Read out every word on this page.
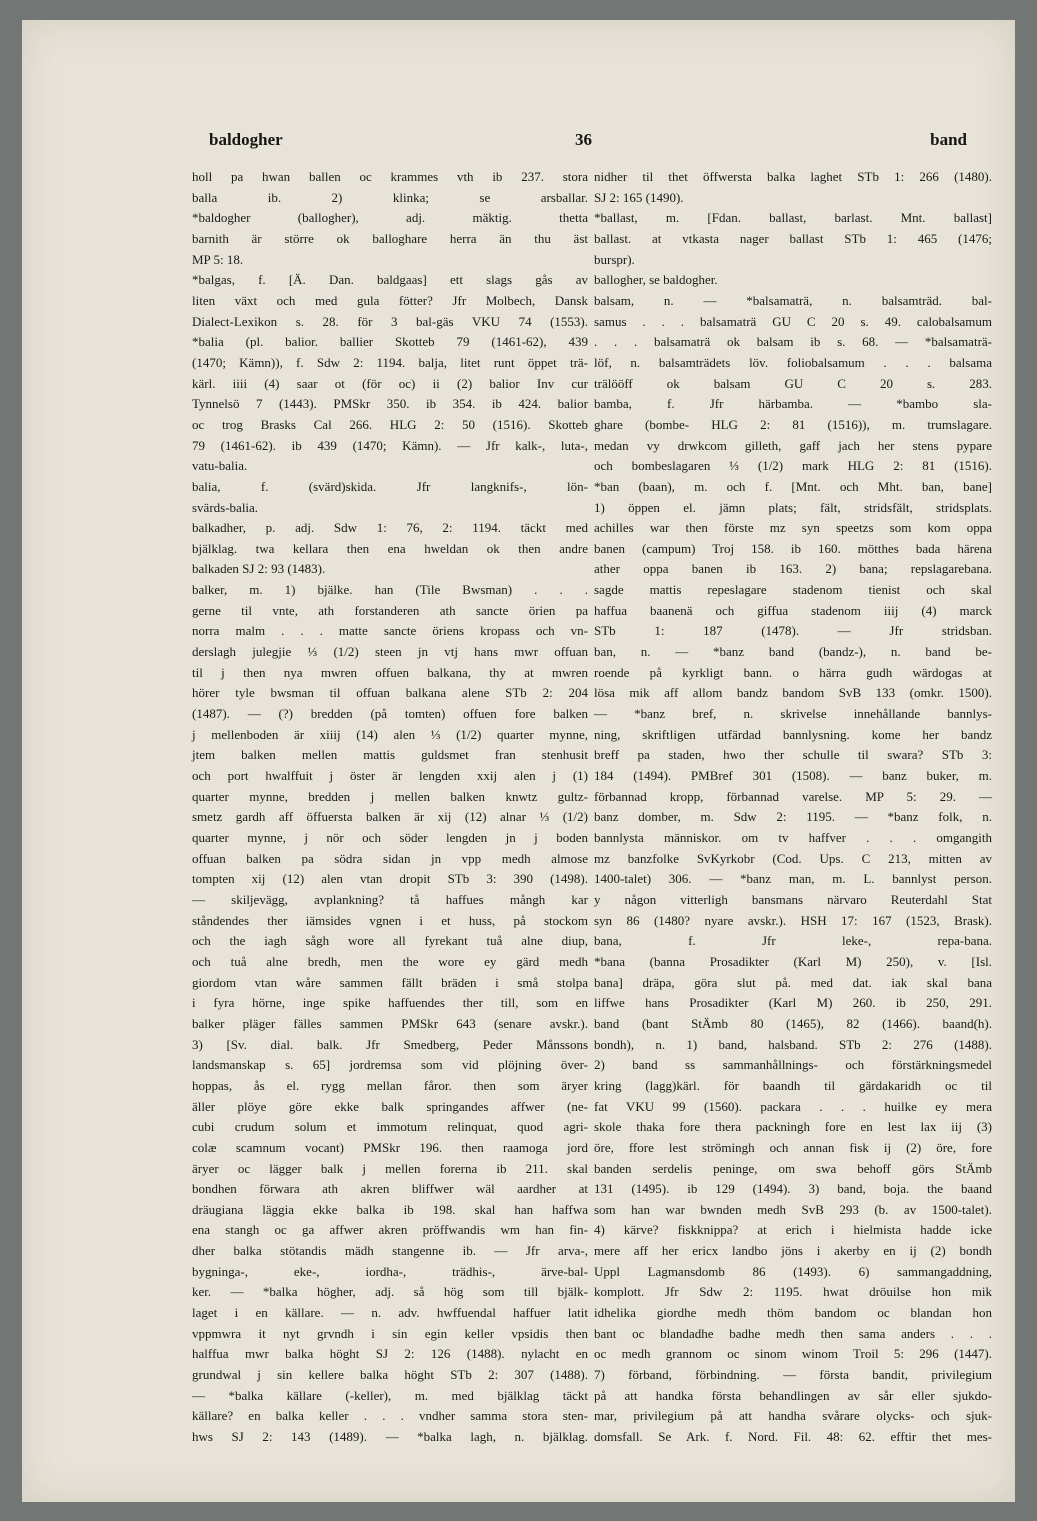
baldogher	36	band
holl pa hwan ballen oc krammes vth ib 237. stora
balla ib. 2) klinka; se arsballar.
*baldogher (ballogher), adj. mäktig. thetta
barnith är större ok balloghare herra än thu äst
MP 5: 18.
*balgas, f. [Ä. Dan. baldgaas] ett slags gås av
liten växt och med gula fötter? Jfr Molbech, Dansk
Dialect-Lexikon s. 28. för 3 bal-gäs VKU 74 (1553).
*balia (pl. balior. ballier Skotteb 79 (1461-62), 439
(1470; Kämn)), f. Sdw 2: 1194. balja, litet runt öppet trä-
kärl. iiii (4) saar ot (för oc) ii (2) balior Inv cur
Tynnelsö 7 (1443). PMSkr 350. ib 354. ib 424. balior
oc trog Brasks Cal 266. HLG 2: 50 (1516). Skotteb
79 (1461-62). ib 439 (1470; Kämn). — Jfr kalk-, luta-,
vatu-balia.
balia, f. (svärd)skida. Jfr langknifs-, lön-
svärds-balia.
balkadher, p. adj. Sdw 1: 76, 2: 1194. täckt med
bjälklag. twa kellara then ena hweldan ok then andre
balkaden SJ 2: 93 (1483).
balker, m. 1) bjälke. han (Tile Bwsman) . . .
gerne til vnte, ath forstanderen ath sancte örien pa
norra malm . . . matte sancte öriens kropass och vn-
derslagh julegjie ⅓ (1/2) steen jn vtj hans mwr offuan
til j then nya mwren offuen balkana, thy at mwren
hörer tyle bwsman til offuan balkana alene STb 2: 204
(1487). — (?) bredden (på tomten) offuen fore balken
j mellenboden är xiiij (14) alen ⅓ (1/2) quarter mynne,
jtem balken mellen mattis guldsmet fran stenhusit
och port hwalffuit j öster är lengden xxij alen j (1)
quarter mynne, bredden j mellen balken knwtz gultz-
smetz gardh aff öffuersta balken är xij (12) alnar ⅓ (1/2)
quarter mynne, j nör och söder lengden jn j boden
offuan balken pa södra sidan jn vpp medh almose
tompten xij (12) alen vtan dropit STb 3: 390 (1498).
— skiljevägg, avplankning? tå haffues mångh kar
ståndendes ther iämsides vgnen i et huss, på stockom
och the iagh sågh wore all fyrekant tuå alne diup,
och tuå alne bredh, men the wore ey gärd medh
giordom vtan wåre sammen fällt bräden i små stolpa
i fyra hörne, inge spike haffuendes ther till, som en
balker pläger fälles sammen PMSkr 643 (senare avskr.).
3) [Sv. dial. balk. Jfr Smedberg, Peder Månssons
landsmanskap s. 65] jordremsa som vid plöjning över-
hoppas, ås el. rygg mellan fåror. then som äryer
äller plöye göre ekke balk springandes affwer (ne-
cubi crudum solum et immotum relinquat, quod agri-
colæ scamnum vocant) PMSkr 196. then raamoga jord
äryer oc lägger balk j mellen forerna ib 211. skal
bondhen förwara ath akren bliffwer wäl aardher at
dräugiana läggia ekke balka ib 198. skal han haffwa
ena stangh oc ga affwer akren pröffwandis wm han fin-
dher balka stötandis mädh stangenne ib. — Jfr arva-,
bygninga-, eke-, iordha-, trädhis-, ärve-bal-
ker. — *balka högher, adj. så hög som till bjälk-
laget i en källare. — n. adv. hwffuendal haffuer latit
vppmwra it nyt grvndh i sin egin keller vpsidis then
halffua mwr balka höght SJ 2: 126 (1488). nylacht en
grundwal j sin kellere balka höght STb 2: 307 (1488).
— *balka källare (-keller), m. med bjälklag täckt
källare? en balka keller . . . vndher samma stora sten-
hws SJ 2: 143 (1489). — *balka lagh, n. bjälklag.
nidher til thet öffwersta balka laghet STb 1: 266 (1480).
SJ 2: 165 (1490).
*ballast, m. [Fdan. ballast, barlast. Mnt. ballast]
ballast. at vtkasta nager ballast STb 1: 465 (1476;
burspr).
ballogher, se baldogher.
balsam, n. — *balsamaträ, n. balsamträd. bal-
samus . . . balsamaträ GU C 20 s. 49. calobalsamum
. . . balsamaträ ok balsam ib s. 68. — *balsamaträ-
löf, n. balsamträdets löv. foliobalsamum . . . balsama
trälööff ok balsam GU C 20 s. 283.
bamba, f. Jfr härbamba. — *bambo sla-
ghare (bombe- HLG 2: 81 (1516)), m. trumslagare.
medan vy drwkcom gilleth, gaff jach her stens pypare
och bombeslagaren ⅓ (1/2) mark HLG 2: 81 (1516).
*ban (baan), m. och f. [Mnt. och Mht. ban, bane]
1) öppen el. jämn plats; fält, stridsfält, stridsplats.
achilles war then förste mz syn speetzs som kom oppa
banen (campum) Troj 158. ib 160. mötthes bada härena
ather oppa banen ib 163. 2) bana; repslagarebana.
sagde mattis repeslagare stadenom tienist och skal
haffua baanenä och giffua stadenom iiij (4) marck
STb 1: 187 (1478). — Jfr stridsban.
ban, n. — *banz band (bandz-), n. band be-
roende på kyrkligt bann. o härra gudh wärdogas at
lösa mik aff allom bandz bandom SvB 133 (omkr. 1500).
— *banz bref, n. skrivelse innehållande bannlys-
ning, skriftligen utfärdad bannlysning. kome her bandz
breff pa staden, hwo ther schulle til swara? STb 3:
184 (1494). PMBref 301 (1508). — banz buker, m.
förbannad kropp, förbannad varelse. MP 5: 29. —
banz domber, m. Sdw 2: 1195. — *banz folk, n.
bannlysta människor. om tv haffver . . . omgangith
mz banzfolke SvKyrkobr (Cod. Ups. C 213, mitten av
1400-talet) 306. — *banz man, m. L. bannlyst person.
y någon vitterligh bansmans närvaro Reuterdahl Stat
syn 86 (1480? nyare avskr.). HSH 17: 167 (1523, Brask).
bana, f. Jfr leke-, repa-bana.
*bana (banna Prosadikter (Karl M) 250), v. [Isl.
bana] dräpa, göra slut på. med dat. iak skal bana
liffwe hans Prosadikter (Karl M) 260. ib 250, 291.
band (bant StÄmb 80 (1465), 82 (1466). baand(h).
bondh), n. 1) band, halsband. STb 2: 276 (1488).
2) band ss sammanhållnings- och förstärkningsmedel
kring (lagg)kärl. för baandh til gärdakaridh oc til
fat VKU 99 (1560). packara . . . huilke ey mera
skole thaka fore thera packningh fore en lest lax iij (3)
öre, ffore lest strömingh och annan fisk ij (2) öre, fore
banden serdelis peninge, om swa behoff görs StÄmb
131 (1495). ib 129 (1494). 3) band, boja. the baand
som han war bwnden medh SvB 293 (b. av 1500-talet).
4) kärve? fiskknippa? at erich i hielmista hadde icke
mere aff her ericx landbo jöns i akerby en ij (2) bondh
Uppl Lagmansdomb 86 (1493). 6) sammangaddning,
komplott. Jfr Sdw 2: 1195. hwat dröuilse hon mik
idhelika giordhe medh thöm bandom oc blandan hon
bant oc blandadhe badhe medh then sama anders . . .
oc medh grannom oc sinom winom Troil 5: 296 (1447).
7) förband, förbindning. — första bandit, privilegium
på att handka första behandlingen av sår eller sjukdo-
mar, privilegium på att handha svårare olycks- och sjuk-
domsfall. Se Ark. f. Nord. Fil. 48: 62. efftir thet mes-
